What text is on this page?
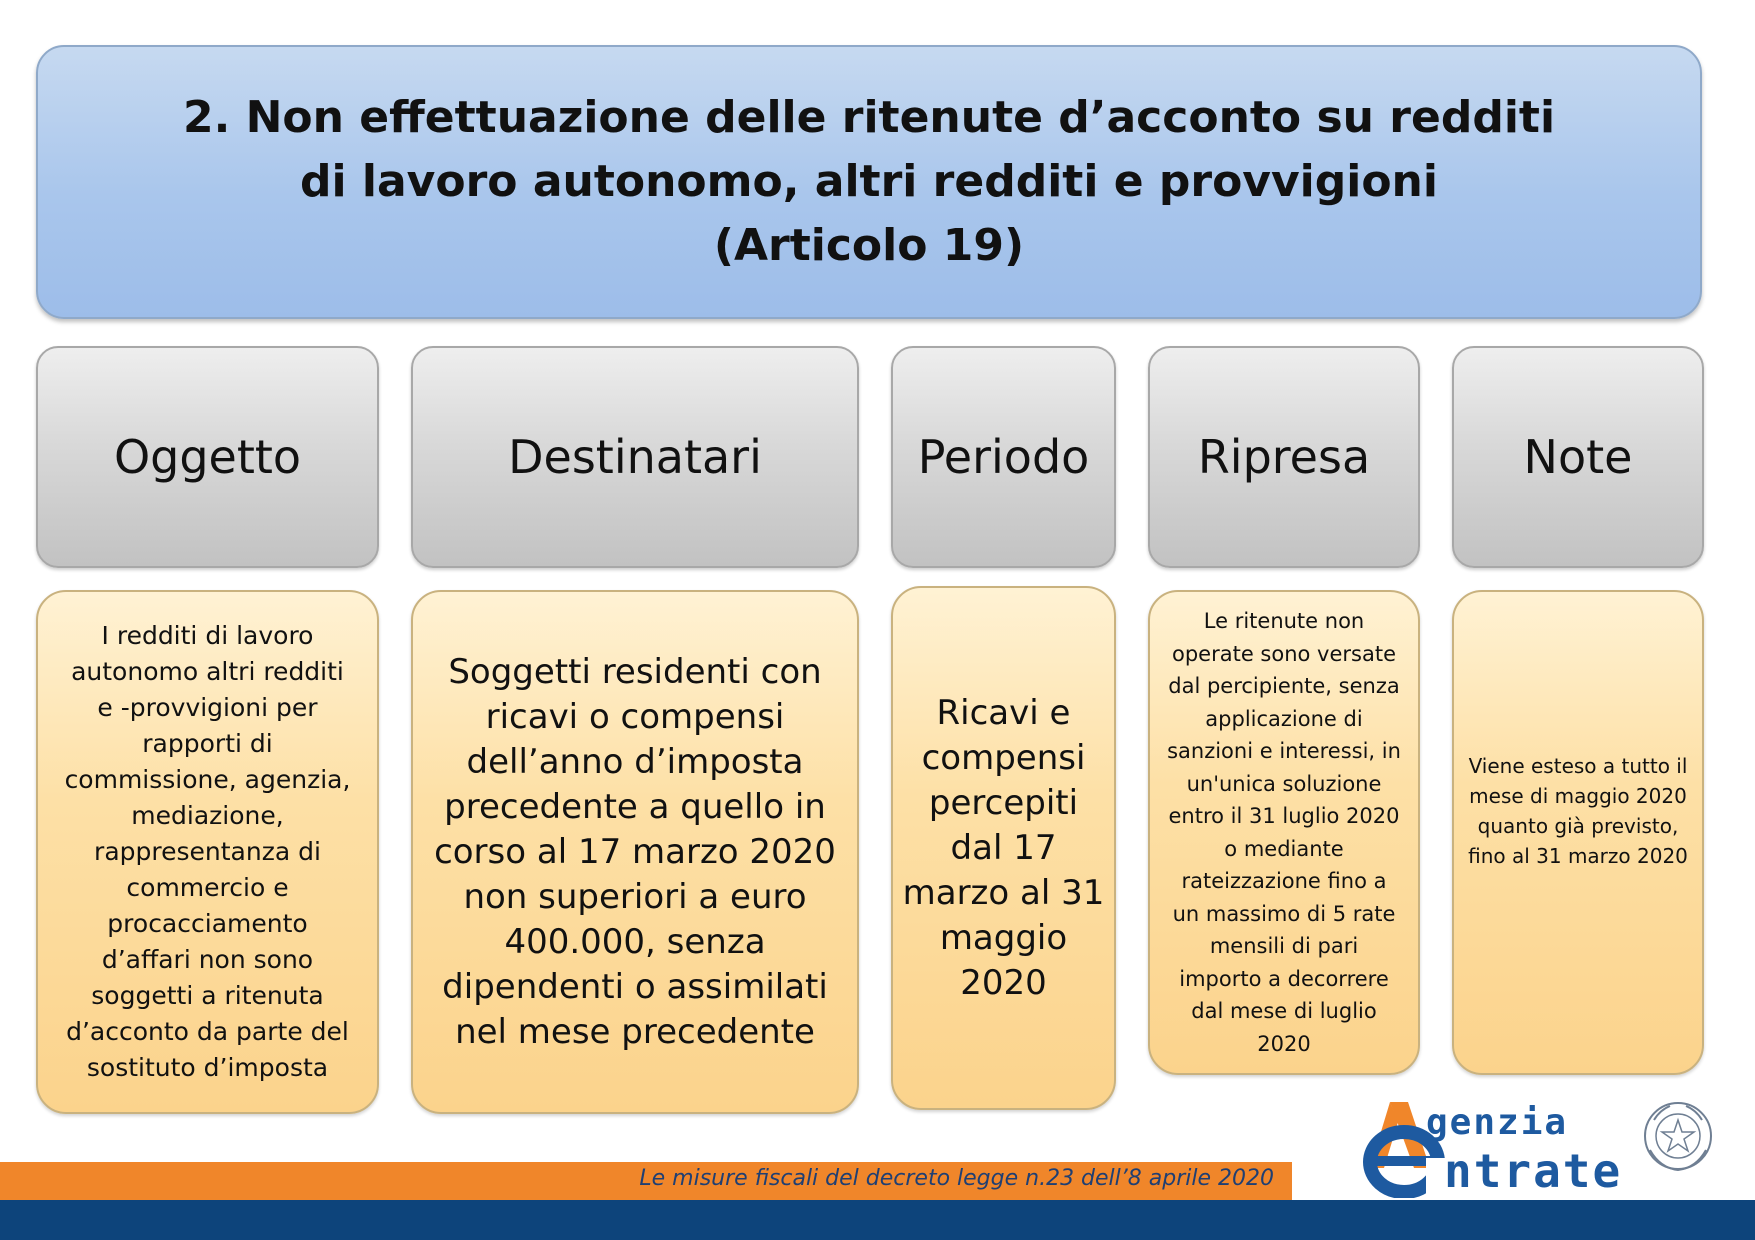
2. Non effettuazione delle ritenute d’acconto su redditi
di lavoro autonomo, altri redditi e provvigioni
(Articolo 19)
Oggetto
I redditi di lavoro
autonomo altri redditi
e -provvigioni per
rapporti di
commissione, agenzia,
mediazione,
rappresentanza di
commercio e
procacciamento
d’affari non sono
soggetti a ritenuta
d’acconto da parte del
sostituto d’imposta
Destinatari
Soggetti residenti con
ricavi o compensi
dell’anno d’imposta
precedente a quello in
corso al 17 marzo 2020
non superiori a euro
400.000, senza
dipendenti o assimilati
nel mese precedente
Periodo
Ricavi e
compensi
percepiti
dal 17
marzo al 31
maggio
2020
Ripresa
Le ritenute non
operate sono versate
dal percipiente, senza
applicazione di
sanzioni e interessi, in
un'unica soluzione
entro il 31 luglio 2020
o mediante
rateizzazione fino a
un massimo di 5 rate
mensili di pari
importo a decorrere
dal mese di luglio
2020
Note
Viene esteso a tutto il
mese di maggio 2020
quanto già previsto,
fino al 31 marzo 2020
Le misure fiscali del decreto legge n.23 dell’8 aprile 2020
genzia
ntrate
